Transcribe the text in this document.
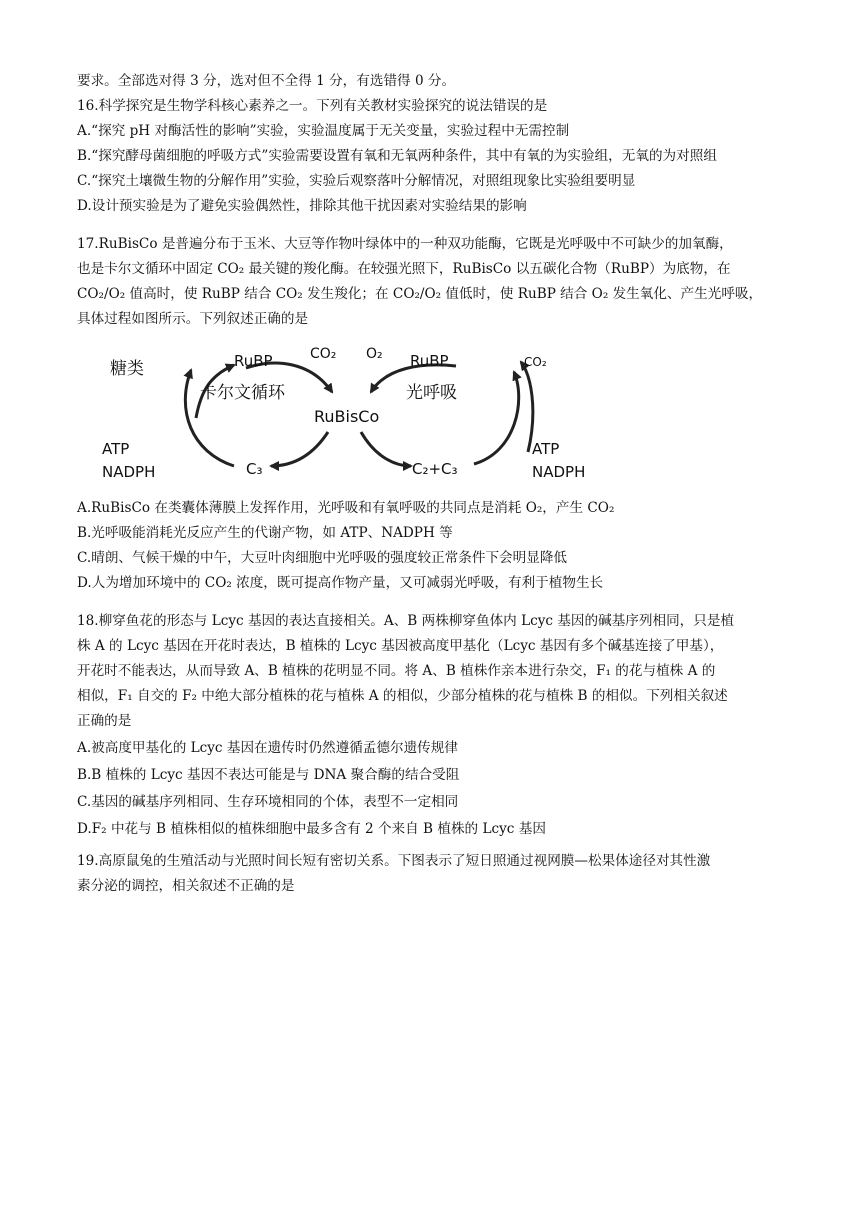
要求。全部选对得 3 分，选对但不全得 1 分，有选错得 0 分。
16.科学探究是生物学科核心素养之一。下列有关教材实验探究的说法错误的是
A.“探究 pH 对酶活性的影响”实验，实验温度属于无关变量，实验过程中无需控制
B.“探究酵母菌细胞的呼吸方式”实验需要设置有氧和无氧两种条件，其中有氧的为实验组，无氧的为对照组
C.“探究土壤微生物的分解作用”实验，实验后观察落叶分解情况，对照组现象比实验组要明显
D.设计预实验是为了避免实验偶然性，排除其他干扰因素对实验结果的影响
17.RuBisCo 是普遍分布于玉米、大豆等作物叶绿体中的一种双功能酶，它既是光呼吸中不可缺少的加氧酶，
也是卡尔文循环中固定 CO₂ 最关键的羧化酶。在较强光照下，RuBisCo 以五碳化合物（RuBP）为底物，在
CO₂/O₂ 值高时，使 RuBP 结合 CO₂ 发生羧化；在 CO₂/O₂ 值低时，使 RuBP 结合 O₂ 发生氧化、产生光呼吸，
具体过程如图所示。下列叙述正确的是
糖类	RuBP	CO₂ O₂ RuBP	CO₂
卡尔文循环	光呼吸
RuBisCo
ATP
NADPH	C₃	C₂+C₃
ATP
NADPH
A.RuBisCo 在类囊体薄膜上发挥作用，光呼吸和有氧呼吸的共同点是消耗 O₂，产生 CO₂
B.光呼吸能消耗光反应产生的代谢产物，如 ATP、NADPH 等
C.晴朗、气候干燥的中午，大豆叶肉细胞中光呼吸的强度较正常条件下会明显降低
D.人为增加环境中的 CO₂ 浓度，既可提高作物产量，又可减弱光呼吸，有利于植物生长
18.柳穿鱼花的形态与 Lcyc 基因的表达直接相关。A、B 两株柳穿鱼体内 Lcyc 基因的碱基序列相同，只是植
株 A 的 Lcyc 基因在开花时表达，B 植株的 Lcyc 基因被高度甲基化（Lcyc 基因有多个碱基连接了甲基），
开花时不能表达，从而导致 A、B 植株的花明显不同。将 A、B 植株作亲本进行杂交，F₁ 的花与植株 A 的
相似，F₁ 自交的 F₂ 中绝大部分植株的花与植株 A 的相似，少部分植株的花与植株 B 的相似。下列相关叙述
正确的是
A.被高度甲基化的 Lcyc 基因在遗传时仍然遵循孟德尔遗传规律
B.B 植株的 Lcyc 基因不表达可能是与 DNA 聚合酶的结合受阻
C.基因的碱基序列相同、生存环境相同的个体，表型不一定相同
D.F₂ 中花与 B 植株相似的植株细胞中最多含有 2 个来自 B 植株的 Lcyc 基因
19.高原鼠兔的生殖活动与光照时间长短有密切关系。下图表示了短日照通过视网膜—松果体途径对其性激
素分泌的调控，相关叙述不正确的是
